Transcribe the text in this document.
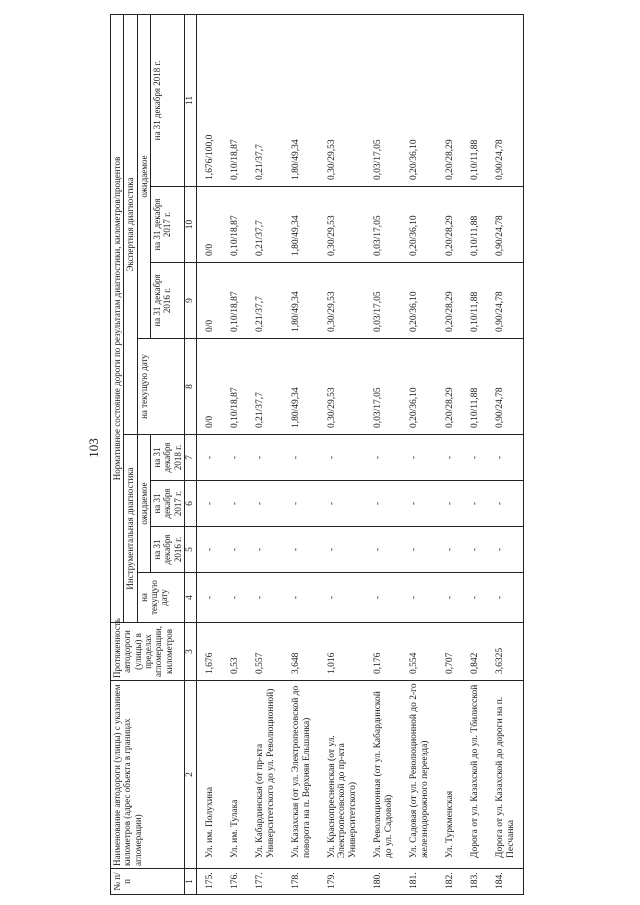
103
№ п/п	Наименование автодороги (улицы) с указанием километров (адрес объекта в границах агломерации)	Протяженность автодороги (улицы) в пределах агломерации, километров	Нормативное состояние дороги по результатам диагностики, километров/процентов							
			Инструментальная диагностика				Экспертная диагностика			
			на текущую дату	ожидаемое			на текущую дату	ожидаемое		
				на 31 декабря 2016 г.	на 31 декабря 2017 г.	на 31 декабря 2018 г.		на 31 декабря 2016 г.	на 31 декабря 2017 г.	на 31 декабря 2018 г.
1	2	3	4	5	6	7	8	9	10	11
175.	Ул. им. Полухина	1,676	-	-	-	-	0/0	0/0	0/0	1,676/100,0
176.	Ул. им. Тулака	0,53	-	-	-	-	0,10/18,87	0,10/18,87	0,10/18,87	0,10/18,87
177.	Ул. Кабардинская (от пр-кта Университетского до ул. Революционной)	0,557	-	-	-	-	0,21/37,7	0,21/37,7	0,21/37,7	0,21/37,7
178.	Ул. Казахская (от ул. Электропесовской до поворота на п. Верхняя Ельшанка)	3,648	-	-	-	-	1,80/49,34	1,80/49,34	1,80/49,34	1,80/49,34
179.	Ул. Краснопресненская (от ул. Электропесовской до пр-кта Университетского)	1,016	-	-	-	-	0,30/29,53	0,30/29,53	0,30/29,53	0,30/29,53
180.	Ул. Революционная (от ул. Кабардинской до ул. Садовой)	0,176	-	-	-	-	0,03/17,05	0,03/17,05	0,03/17,05	0,03/17,05
181.	Ул. Садовая (от ул. Революционной до 2-го железнодорожного переезда)	0,554	-	-	-	-	0,20/36,10	0,20/36,10	0,20/36,10	0,20/36,10
182.	Ул. Туркменская	0,707	-	-	-	-	0,20/28,29	0,20/28,29	0,20/28,29	0,20/28,29
183.	Дорога от ул. Казахской до ул. Тбилисской	0,842	-	-	-	-	0,10/11,88	0,10/11,88	0,10/11,88	0,10/11,88
184.	Дорога от ул. Казахской до дороги на п. Песчанка	3,6325	-	-	-	-	0,90/24,78	0,90/24,78	0,90/24,78	0,90/24,78
